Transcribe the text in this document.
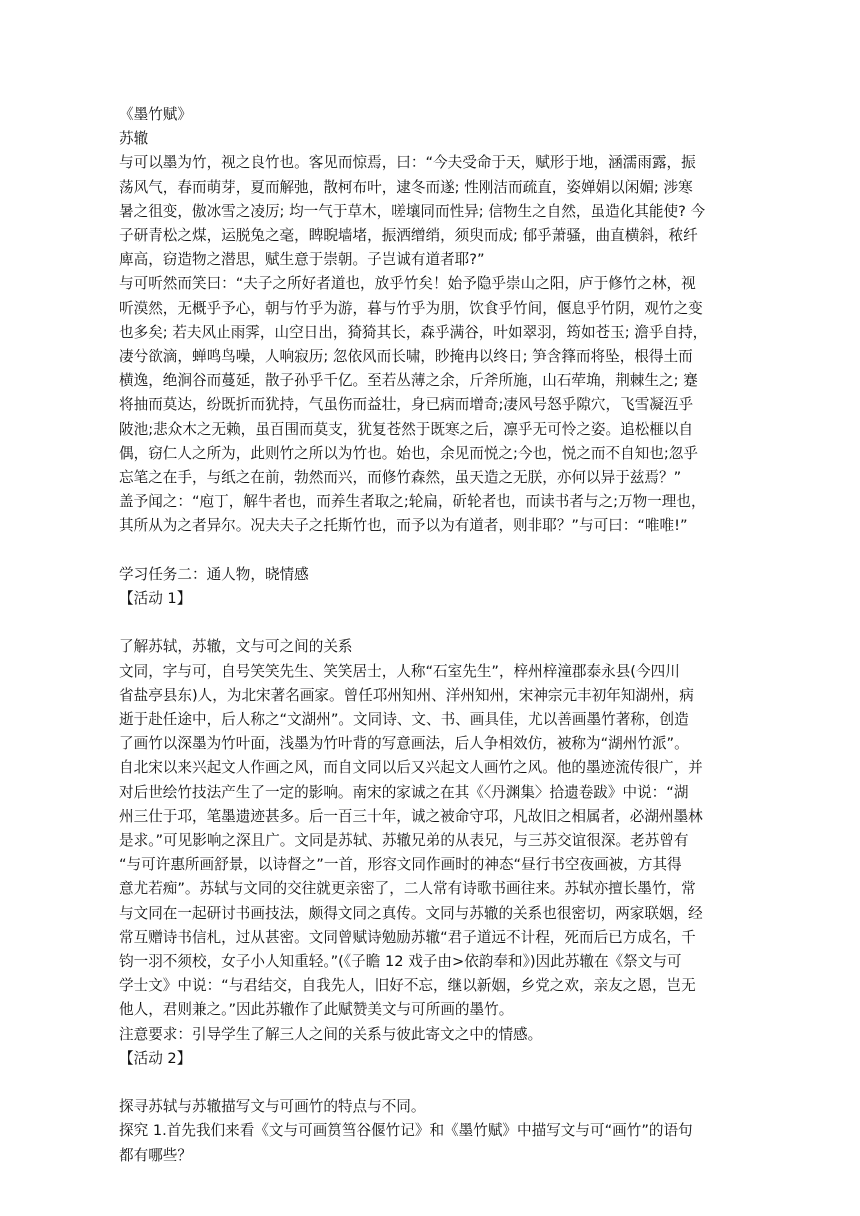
《墨竹赋》

苏辙

与可以墨为竹，视之良竹也。客见而惊焉，曰：“今夫受命于天，赋形于地，涵濡雨露，振

荡风气，春而萌芽，夏而解弛，散柯布叶，逮冬而遂; 性刚洁而疏直，姿婵娟以闲媚; 涉寒

暑之徂变，傲冰雪之凌厉; 均一气于草木，嗟壤同而性异; 信物生之自然，虽造化其能使? 今

子研青松之煤，运脱兔之毫，睥睨墙堵，振洒缯绡，须臾而成; 郁乎萧骚，曲直横斜，秾纤

庳高，窃造物之潜思，赋生意于崇朝。子岂诚有道者耶?”

与可听然而笑曰：“夫子之所好者道也，放乎竹矣！始予隐乎崇山之阳，庐于修竹之林，视

听漠然，无概乎予心，朝与竹乎为游，暮与竹乎为朋，饮食乎竹间，偃息乎竹阴，观竹之变

也多矣; 若夫风止雨霁，山空日出，猗猗其长，森乎满谷，叶如翠羽，筠如苍玉; 澹乎自持，

凄兮欲滴，蝉鸣鸟噪，人响寂历; 忽依风而长啸，眇掩冉以终日; 笋含箨而将坠，根得土而

横逸，绝涧谷而蔓延，散子孙乎千亿。至若丛薄之余，斤斧所施，山石荦埆，荆棘生之; 蹇

将抽而莫达，纷既折而犹持，气虽伤而益壮，身已病而增奇;凄风号怒乎隙穴，飞雪凝沍乎

陂池;悲众木之无赖，虽百围而莫支，犹复苍然于既寒之后，凛乎无可怜之姿。追松榧以自

偶，窃仁人之所为，此则竹之所以为竹也。始也，余见而悦之;今也，悦之而不自知也;忽乎

忘笔之在手，与纸之在前，勃然而兴，而修竹森然，虽天造之无朕，亦何以异于兹焉？”

盖予闻之：“庖丁，解牛者也，而养生者取之;轮扁，斫轮者也，而读书者与之;万物一理也，

其所从为之者异尔。况夫夫子之托斯竹也，而予以为有道者，则非耶？”与可曰：“唯唯!”

学习任务二：通人物，晓情感

【活动 1】

了解苏轼，苏辙，文与可之间的关系

文同，字与可，自号笑笑先生、笑笑居士，人称“石室先生”，梓州梓潼郡泰永县(今四川

省盐亭县东)人，为北宋著名画家。曾任邛州知州、洋州知州，宋神宗元丰初年知湖州，病

逝于赴任途中，后人称之“文湖州”。文同诗、文、书、画具佳，尤以善画墨竹著称，创造

了画竹以深墨为竹叶面，浅墨为竹叶背的写意画法，后人争相效仿，被称为“湖州竹派”。

自北宋以来兴起文人作画之风，而自文同以后又兴起文人画竹之风。他的墨迹流传很广，并

对后世绘竹技法产生了一定的影响。南宋的家诚之在其《〈丹渊集〉拾遗卷跋》中说：“湖

州三仕于邛，笔墨遗迹甚多。后一百三十年，诚之被命守邛，凡故旧之相属者，必湖州墨林

是求。”可见影响之深且广。文同是苏轼、苏辙兄弟的从表兄，与三苏交谊很深。老苏曾有

“与可许惠所画舒景，以诗督之”一首，形容文同作画时的神态“昼行书空夜画被，方其得

意尤若痴”。苏轼与文同的交往就更亲密了，二人常有诗歌书画往来。苏轼亦擅长墨竹，常

与文同在一起研讨书画技法，颇得文同之真传。文同与苏辙的关系也很密切，两家联姻，经

常互赠诗书信札，过从甚密。文同曾赋诗勉励苏辙“君子道远不计程，死而后已方成名，千

钧一羽不须校，女子小人知重轻。”(《子瞻 12 戏子由>依韵奉和》)因此苏辙在《祭文与可

学士文》中说：“与君结交，自我先人，旧好不忘，继以新姻，乡党之欢，亲友之恩，岂无

他人，君则兼之。”因此苏辙作了此赋赞美文与可所画的墨竹。

注意要求：引导学生了解三人之间的关系与彼此寄文之中的情感。

【活动 2】

探寻苏轼与苏辙描写文与可画竹的特点与不同。

探究 1.首先我们来看《文与可画筼筜谷偃竹记》和《墨竹赋》中描写文与可“画竹”的语句

都有哪些？
